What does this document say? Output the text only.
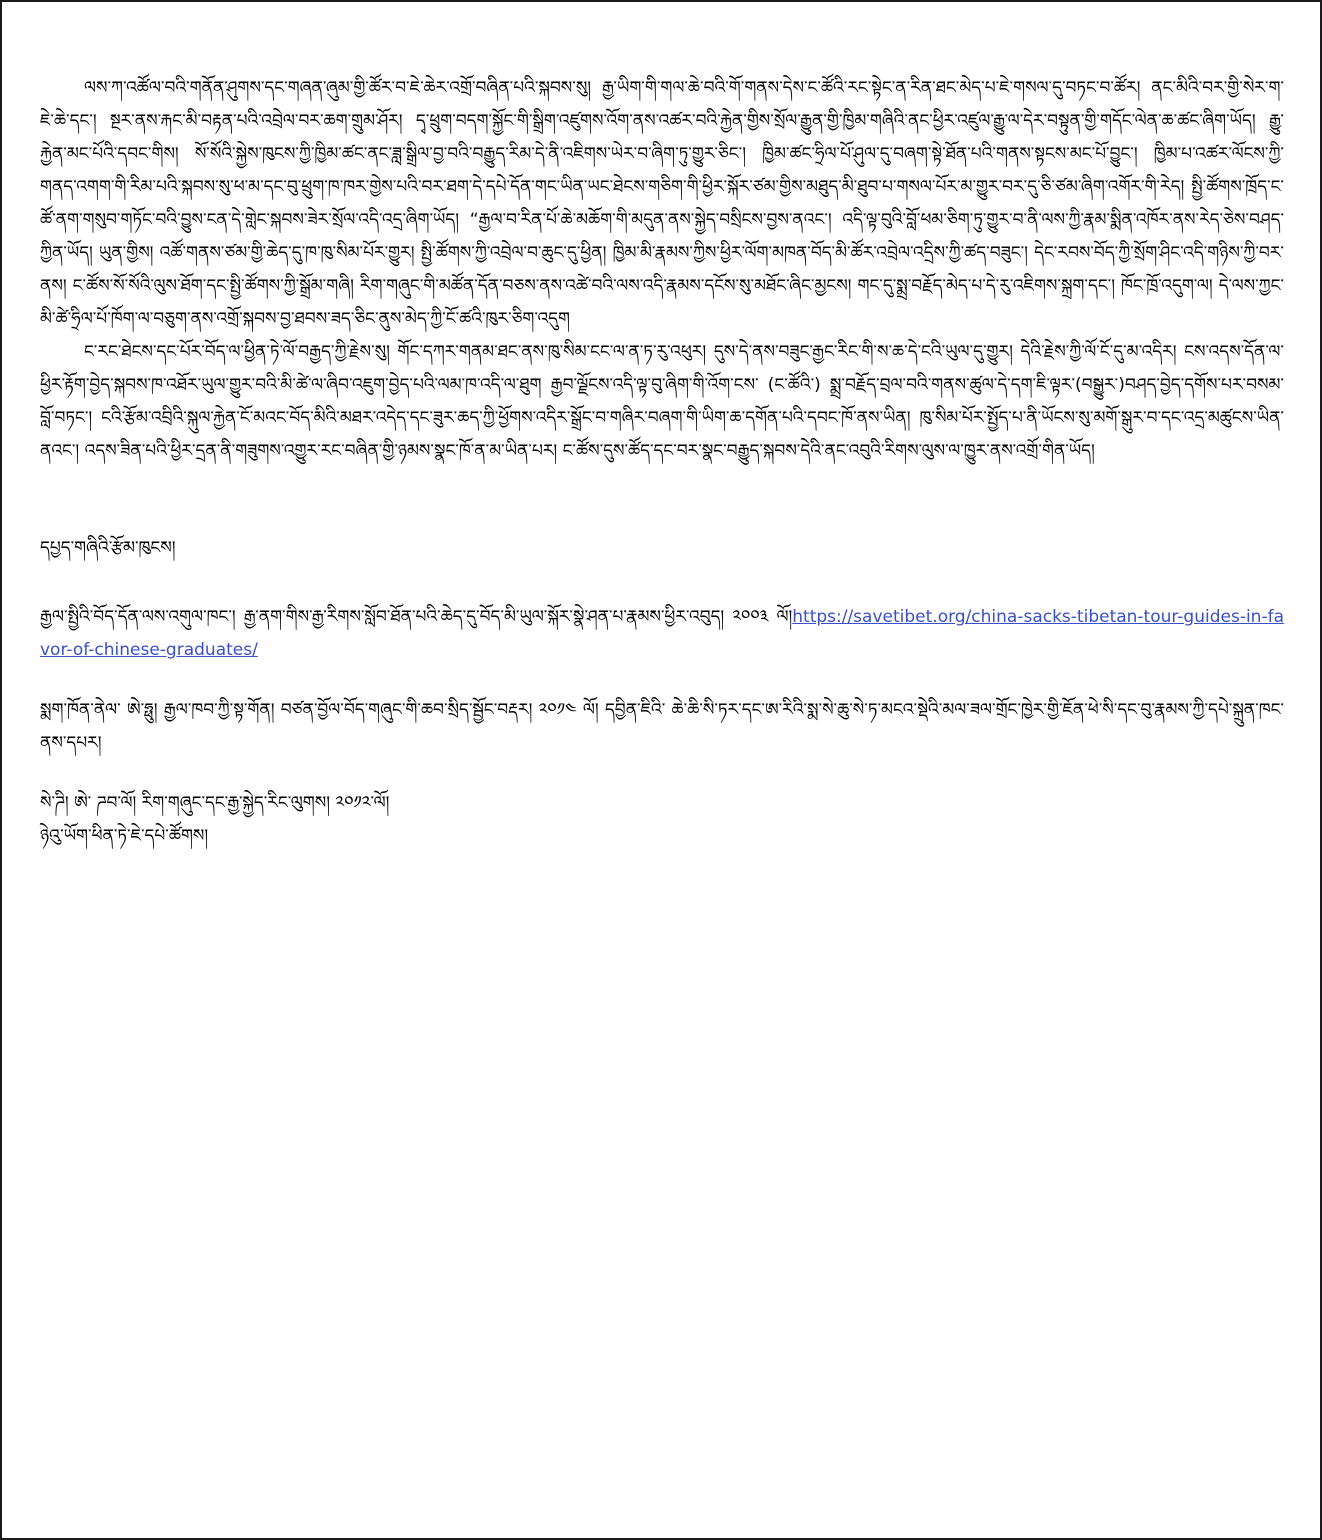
ལས་ཀ་འཚོལ་བའི་གནོན་ཤུགས་དང་གཞན་ཞུམ་གྱི་ཚོར་བ་ཇེ་ཆེར་འགྲོ་བཞིན་པའི་སྐབས་སུ། རྒྱ་ཡིག་གི་གལ་ཆེ་བའི་གོ་གནས་དེས་ང་ཚོའི་རང་སྟེང་ན་རིན་ཐང་མེད་པ་ཇེ་གསལ་དུ་བཏང་བ་ཚོར། ནང་མིའི་བར་གྱི་སེར་ག་ཇེ་ཆེ་དང་། སྔར་ནས་རྐང་མི་བརྟན་པའི་འབྲེལ་བར་ཆག་གྲུམ་ཤོར། དྭ་ཕྲུག་བདག་སྐྱོང་གི་སྒྲིག་འཛུགས་འོག་ནས་འཚར་བའི་རྐྱེན་གྱིས་སྲོལ་རྒྱུན་གྱི་ཁྱིམ་གཞིའི་ནང་ཕྱིར་འཛུལ་རྒྱུ་ལ་དེར་བསྟུན་གྱི་གདོང་ལེན་ཆ་ཚང་ཞིག་ཡོད། རྒྱུ་རྐྱེན་མང་པོའི་དབང་གིས། སོ་སོའི་སྐྱེས་ཁུངས་ཀྱི་ཁྱིམ་ཚང་ནང་ཟླ་སྒྲིལ་བྱ་བའི་བརྒྱུད་རིམ་དེ་ནི་འཇིགས་ཡེར་བ་ཞིག་ཏུ་གྱུར་ཅིང་། ཁྱིམ་ཚང་ཧྲིལ་པོ་ཤུལ་དུ་བཞག་སྟེ་ཐོན་པའི་གནས་སྟངས་མང་པོ་བྱུང་། ཁྱིམ་པ་འཚར་ལོངས་ཀྱི་གནད་འགག་གི་རིམ་པའི་སྐབས་སུ་ཕ་མ་དང་བུ་ཕྲུག་ཁ་ཁར་གྱེས་པའི་བར་ཐག་དེ་དཔེ་དོན་གང་ཡིན་ཡང་ཐེངས་གཅིག་གི་ཕྱིར་སྐོར་ཙམ་གྱིས་མཐུད་མི་ཐུབ་པ་གསལ་པོར་མ་གྱུར་བར་དུ་ཅི་ཙམ་ཞིག་འགོར་གི་རེད། སྤྱི་ཚོགས་ཁྲོད་ང་ཚོ་ནག་གསུབ་གཏོང་བའི་བྱུས་ངན་དེ་གླེང་སྐབས་ཟེར་སྲོལ་འདི་འདྲ་ཞིག་ཡོད། “རྒྱལ་བ་རིན་པོ་ཆེ་མཆོག་གི་མདུན་ནས་སྐྱེད་བསྲིངས་བྱས་ནའང་། འདི་ལྟ་བུའི་བློ་ཕམ་ཅིག་ཏུ་གྱུར་བ་ནི་ལས་ཀྱི་རྣམ་སྨིན་འཁོར་ནས་རེད་ཅེས་བཤད་ཀྱིན་ཡོད། ཡུན་གྱིས། འཚོ་གནས་ཙམ་གྱི་ཆེད་དུ་ཁ་ཁུ་སིམ་པོར་གྱུར། སྤྱི་ཚོགས་ཀྱི་འབྲེལ་བ་ཆུང་དུ་ཕྱིན། ཁྱིམ་མི་རྣམས་ཀྱིས་ཕྱིར་ལོག་མཁན་བོད་མི་ཚོར་འབྲེལ་འདྲིས་ཀྱི་ཚད་བཟུང་། དེང་རབས་བོད་ཀྱི་སྲོག་ཤིང་འདི་གཉིས་ཀྱི་བར་ནས། ང་ཚོས་སོ་སོའི་ལུས་ཐོག་དང་སྤྱི་ཚོགས་ཀྱི་སྒྲོམ་གཞི། རིག་གཞུང་གི་མཚོན་དོན་བཅས་ནས་འཚེ་བའི་ལས་འདི་རྣམས་དངོས་སུ་མཐོང་ཞིང་མྱངས། གང་དུ་སྨྲ་བརྗོད་མེད་པ་དེ་རུ་འཇིགས་སྐྲག་དང་། ཁོང་ཁྲོ་འདུག་ལ། དེ་ལས་ཀྱང་མི་ཚེ་ཧྲིལ་པོ་ཁོག་ལ་བཅུག་ནས་འགྲོ་སྐབས་བྱ་ཐབས་ཟད་ཅིང་ནུས་མེད་ཀྱི་ངོ་ཚའི་ཁུར་ཅིག་འདུག

ང་རང་ཐེངས་དང་པོར་བོད་ལ་ཕྱིན་ཏེ་ལོ་བརྒྱད་ཀྱི་རྗེས་སུ། གོང་དཀར་གནམ་ཐང་ནས་ཁུ་སིམ་ངང་ལ་ན་ཏ་རུ་འཕུར། དུས་དེ་ནས་བཟུང་རྒྱང་རིང་གི་ས་ཆ་དེ་ངའི་ཡུལ་དུ་གྱུར། དེའི་རྗེས་ཀྱི་ལོ་ངོ་དུ་མ་འདིར། ངས་འདས་དོན་ལ་ཕྱིར་རྟོག་བྱེད་སྐབས་ཁ་འཐོར་ཡུལ་གྱུར་བའི་མི་ཚེ་ལ་ཞིབ་འཇུག་བྱེད་པའི་ལམ་ཁ་འདི་ལ་ཐུག རྒྱབ་ལྗོངས་འདི་ལྟ་བུ་ཞིག་གི་འོག་ངས་ (ང་ཚོའི་) སྨྲ་བརྗོད་བྲལ་བའི་གནས་ཚུལ་དེ་དག་ཇི་ལྟར་(བསྒྱུར་)བཤད་བྱེད་དགོས་པར་བསམ་བློ་བཏང་། ངའི་རྩོམ་འབྲིའི་སྐུལ་རྐྱེན་ངོ་མའང་བོད་མིའི་མཐར་འདེད་དང་ཟུར་ཆད་ཀྱི་ཕྱོགས་འདིར་སྒྲོང་བ་གཞིར་བཞག་གི་ཡིག་ཆ་དགོན་པའི་དབང་ཁོ་ནས་ཡིན། ཁུ་སིམ་པོར་སྤྱོད་པ་ནི་ཡོངས་སུ་མགོ་སྒུར་བ་དང་འདྲ་མཚུངས་ཡིན་ནའང་། འདས་ཟིན་པའི་ཕྱིར་དྲན་ནི་གཟུགས་འགྱུར་རང་བཞིན་གྱི་ཉམས་སྣང་ཁོ་ན་མ་ཡིན་པར། ང་ཚོས་དུས་ཚོད་དང་བར་སྣང་བརྒྱུད་སྐབས་དེའི་ནང་འབུའི་རིགས་ལུས་ལ་ཁྱུར་ནས་འགྲོ་གིན་ཡོད།

དཔྱད་གཞིའི་རྩོམ་ཁུངས།

རྒྱལ་སྤྱིའི་བོད་དོན་ལས་འགུལ་ཁང་། རྒྱ་ནག་གིས་རྒྱ་རིགས་སློབ་ཐོན་པའི་ཆེད་དུ་བོད་མི་ཡུལ་སྐོར་སྣེ་ཤན་པ་རྣམས་ཕྱིར་འབུད། ༢༠༠༣ ལོ།https://savetibet.org/china-sacks-tibetan-tour-guides-in-favor-of-chinese-graduates/

སྨག་ཁོན་ནེལ་ ཨེ་ཧྥུ། རྒྱལ་ཁབ་ཀྱི་སྟ་གོན། བཙན་བྱོལ་བོད་གཞུང་གི་ཆབ་སྲིད་སྦྱོང་བརྡར། ༢༠༡༤ ལོ། དབྱིན་ཇིའི་ ཆེ་ཆི་སི་ཏར་དང་ཨ་རིའི་སྨ་སེ་ཆུ་སེ་ཏ་མངའ་སྡེའི་མལ་ཟལ་གྲོང་ཁྱེར་གྱི་ཇོན་ཕེ་སི་དང་བུ་རྣམས་ཀྱི་དཔེ་སྐྲུན་ཁང་ནས་དཔར།

སེ་ཌི། ཨེ་ ཌབ་ལོ། རིག་གཞུང་དང་རྒྱ་སྐྱེད་རིང་ལུགས། ༢༠༡༢་ལོ།
ཉེའུ་ཡོག་ཕིན་ཏེ་ཇེ་དཔེ་ཚོགས།
